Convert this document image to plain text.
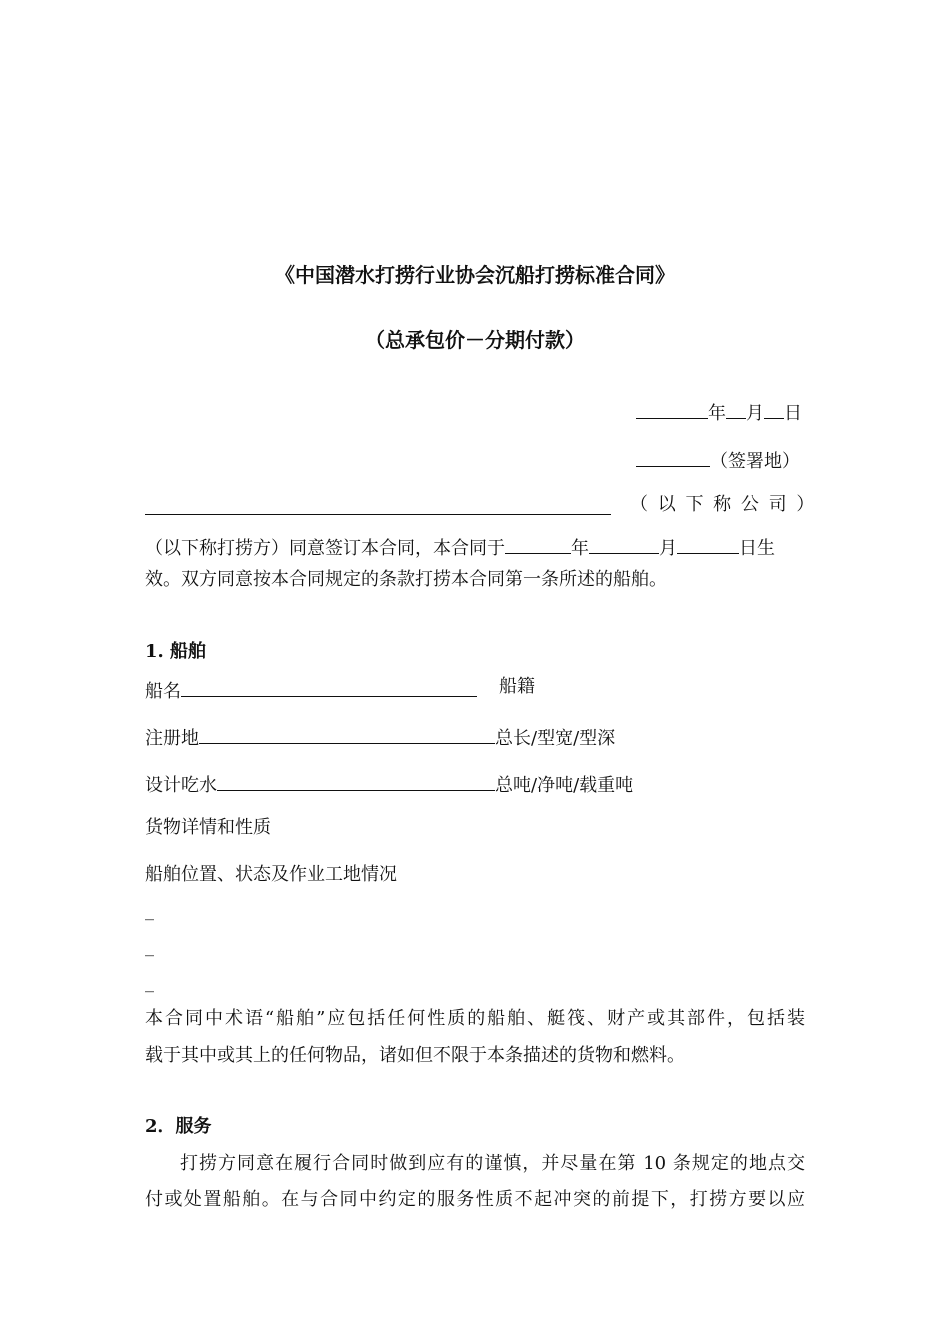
《中国潜水打捞行业协会沉船打捞标准合同》
（总承包价－分期付款）
年 月 日
（签署地）
（ 以 下 称 公 司 ）
（以下称打捞方）同意签订本合同，本合同于	年	月	日生
效。双方同意按本合同规定的条款打捞本合同第一条所述的船舶。
1. 船舶
船名	船籍
注册地	总长/型宽/型深
设计吃水	总吨/净吨/载重吨
货物详情和性质
船舶位置、状态及作业工地情况
_
_
_
本合同中术语“船舶”应包括任何性质的船舶、艇筏、财产或其部件，包括装
载于其中或其上的任何物品，诸如但不限于本条描述的货物和燃料。
2．服务
打捞方同意在履行合同时做到应有的谨慎，并尽量在第 10 条规定的地点交
付或处置船舶。在与合同中约定的服务性质不起冲突的前提下，打捞方要以应
